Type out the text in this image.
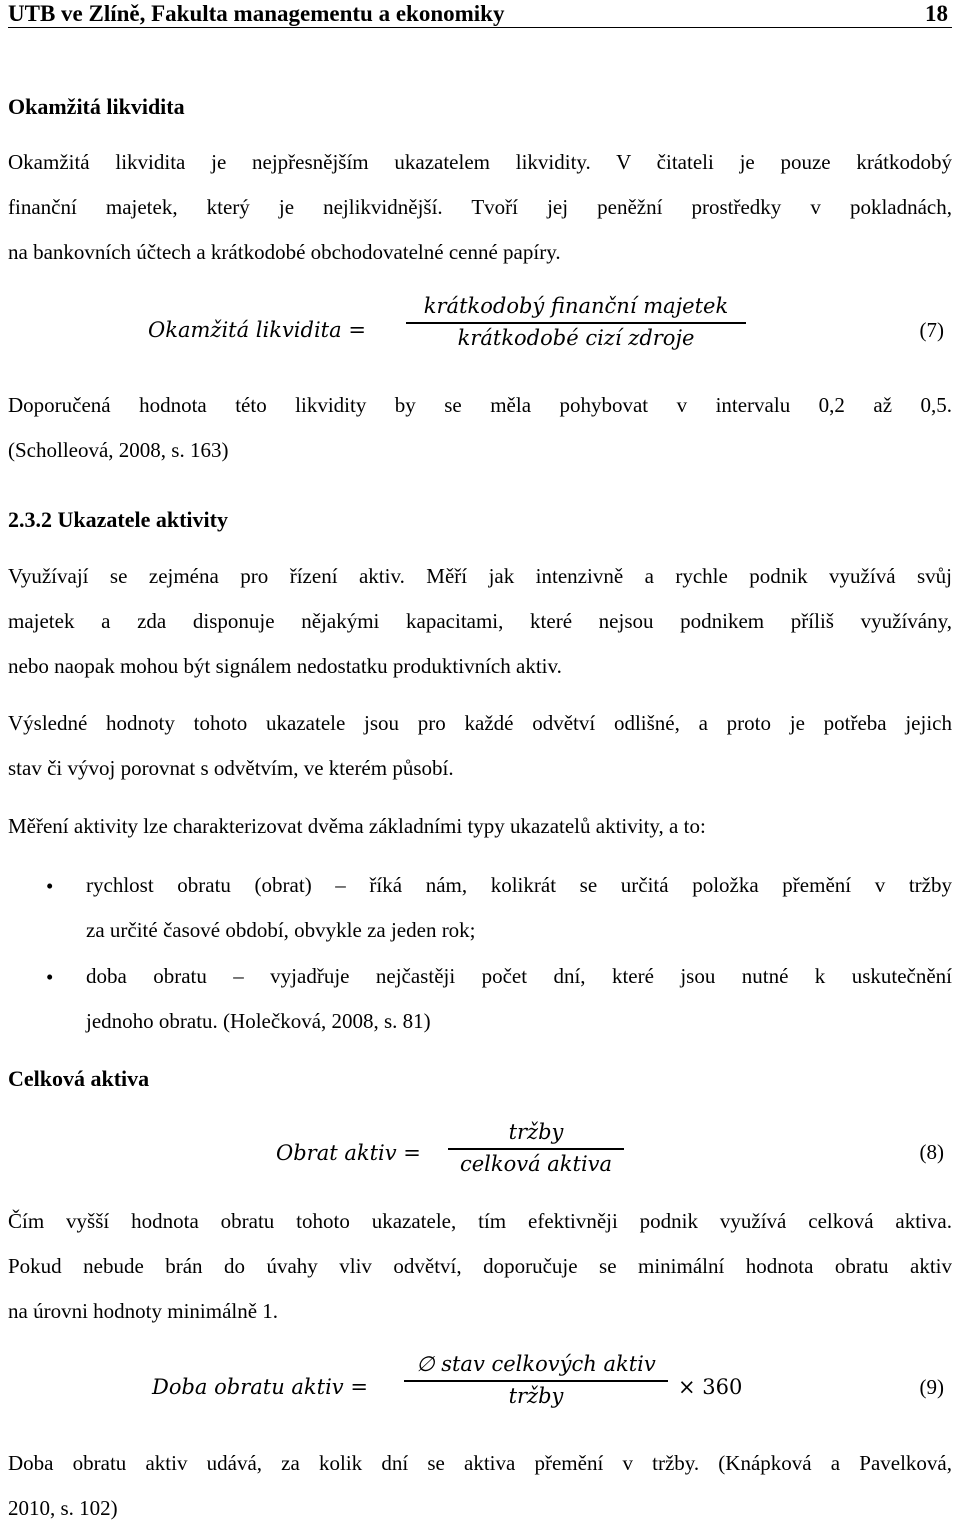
UTB ve Zlíně, Fakulta managementu a ekonomiky	18
Okamžitá likvidita
Okamžitá likvidita je nejpřesnějším ukazatelem likvidity. V čitateli je pouze krátkodobý
finanční majetek, který je nejlikvidnější. Tvoří jej peněžní prostředky v pokladnách,
na bankovních účtech a krátkodobé obchodovatelné cenné papíry.
Okamžitá likvidita =
krátkodobý finanční majetek
krátkodobé cizí zdroje	(7)
Doporučená hodnota této likvidity by se měla pohybovat v intervalu 0,2 až 0,5.
(Scholleová, 2008, s. 163)
2.3.2 Ukazatele aktivity
Využívají se zejména pro řízení aktiv. Měří jak intenzivně a rychle podnik využívá svůj
majetek a zda disponuje nějakými kapacitami, které nejsou podnikem příliš využívány,
nebo naopak mohou být signálem nedostatku produktivních aktiv.
Výsledné hodnoty tohoto ukazatele jsou pro každé odvětví odlišné, a proto je potřeba jejich
stav či vývoj porovnat s odvětvím, ve kterém působí.
Měření aktivity lze charakterizovat dvěma základními typy ukazatelů aktivity, a to:
• rychlost obratu (obrat) – říká nám, kolikrát se určitá položka přemění v tržby
za určité časové období, obvykle za jeden rok;
• doba obratu – vyjadřuje nejčastěji počet dní, které jsou nutné k uskutečnění
jednoho obratu. (Holečková, 2008, s. 81)
Celková aktiva
Obrat aktiv =
tržby
celková aktiva	(8)
Čím vyšší hodnota obratu tohoto ukazatele, tím efektivněji podnik využívá celková aktiva.
Pokud nebude brán do úvahy vliv odvětví, doporučuje se minimální hodnota obratu aktiv
na úrovni hodnoty minimálně 1.
Doba obratu aktiv =
∅ stav celkových aktiv
tržby	× 360	(9)
Doba obratu aktiv udává, za kolik dní se aktiva přemění v tržby. (Knápková a Pavelková,
2010, s. 102)
